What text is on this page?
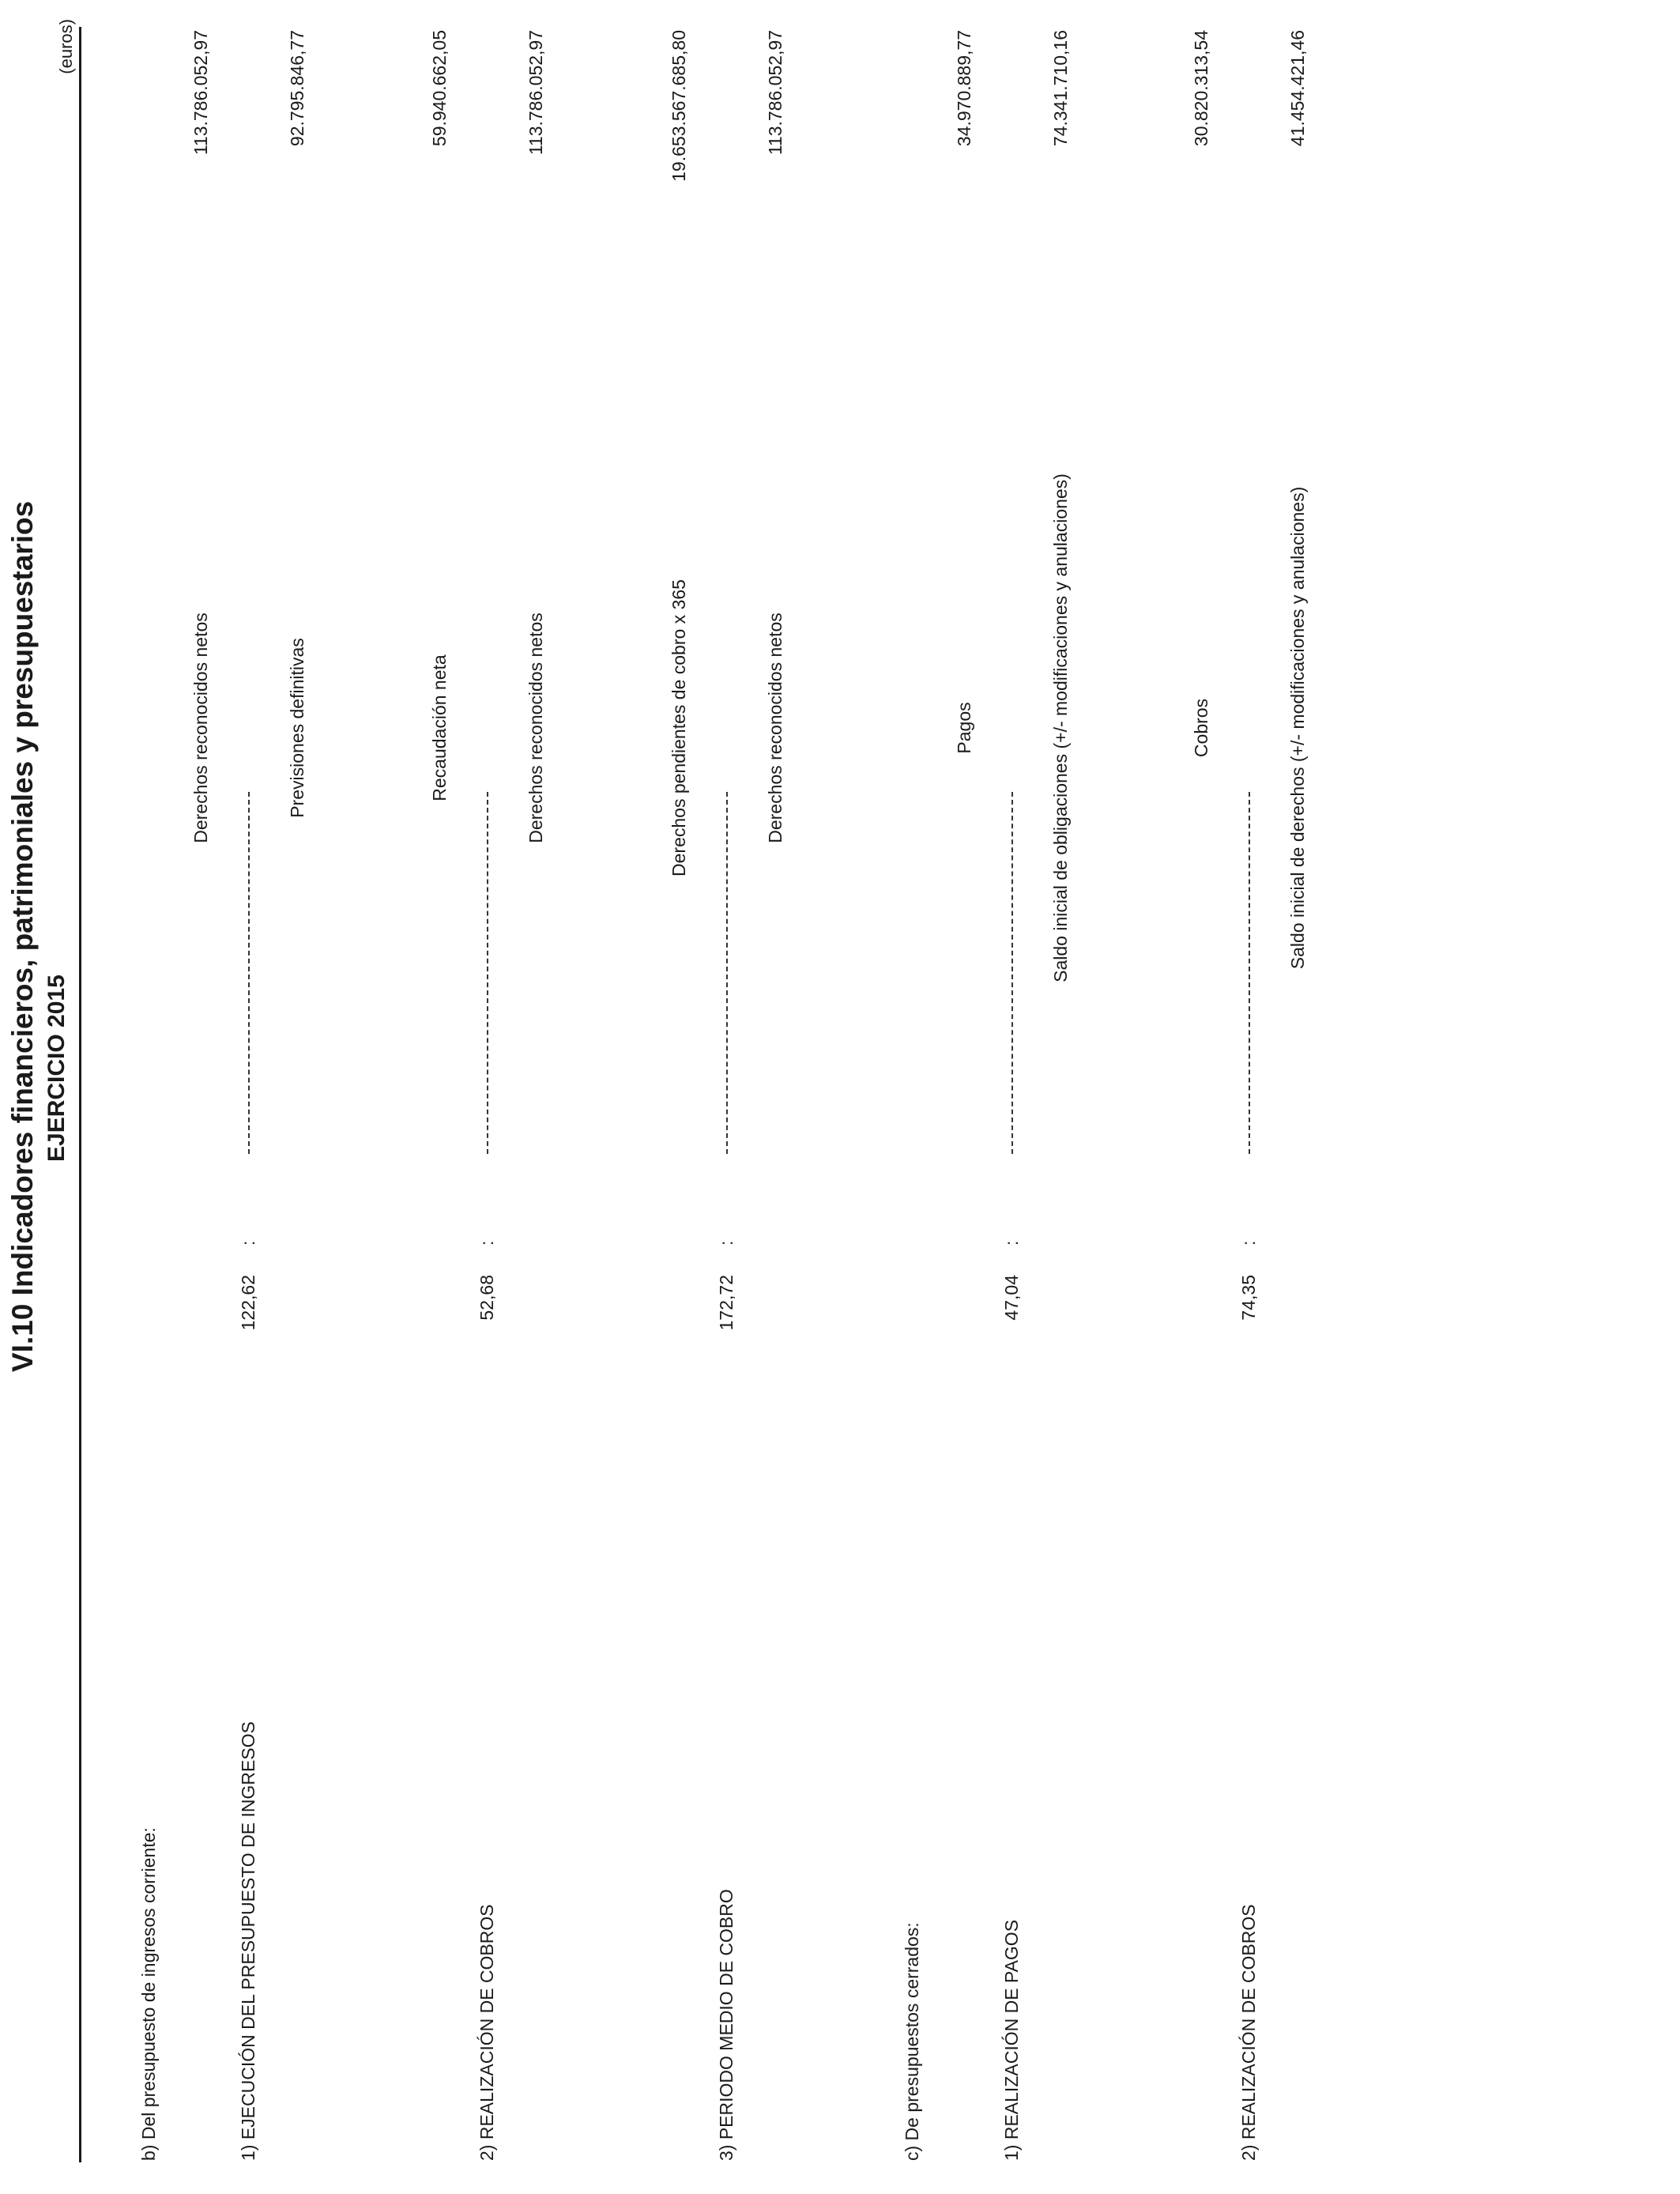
VI.10 Indicadores financieros, patrimoniales y presupuestarios EJERCICIO 2015
(euros)
b) Del presupuesto de ingresos corriente:	1) EJECUCIÓN DEL PRESUPUESTO DE INGRESOS
122,62
:
Derechos reconocidos netos
113.786.052,97
Previsiones definitivas
92.795.846,77
2) REALIZACIÓN DE COBROS
52,68
:
Recaudación neta
59.940.662,05
Derechos reconocidos netos
113.786.052,97
3) PERIODO MEDIO DE COBRO
172,72
:
Derechos pendientes de cobro x 365
19.653.567.685,80
Derechos reconocidos netos
113.786.052,97
c) De presupuestos cerrados:	1) REALIZACIÓN DE PAGOS
47,04
:
Pagos
34.970.889,77
Saldo inicial de obligaciones (+/- modificaciones y anulaciones)
74.341.710,16
2) REALIZACIÓN DE COBROS
74,35
:
Cobros
30.820.313,54
Saldo inicial de derechos (+/- modificaciones y anulaciones)
41.454.421,46
